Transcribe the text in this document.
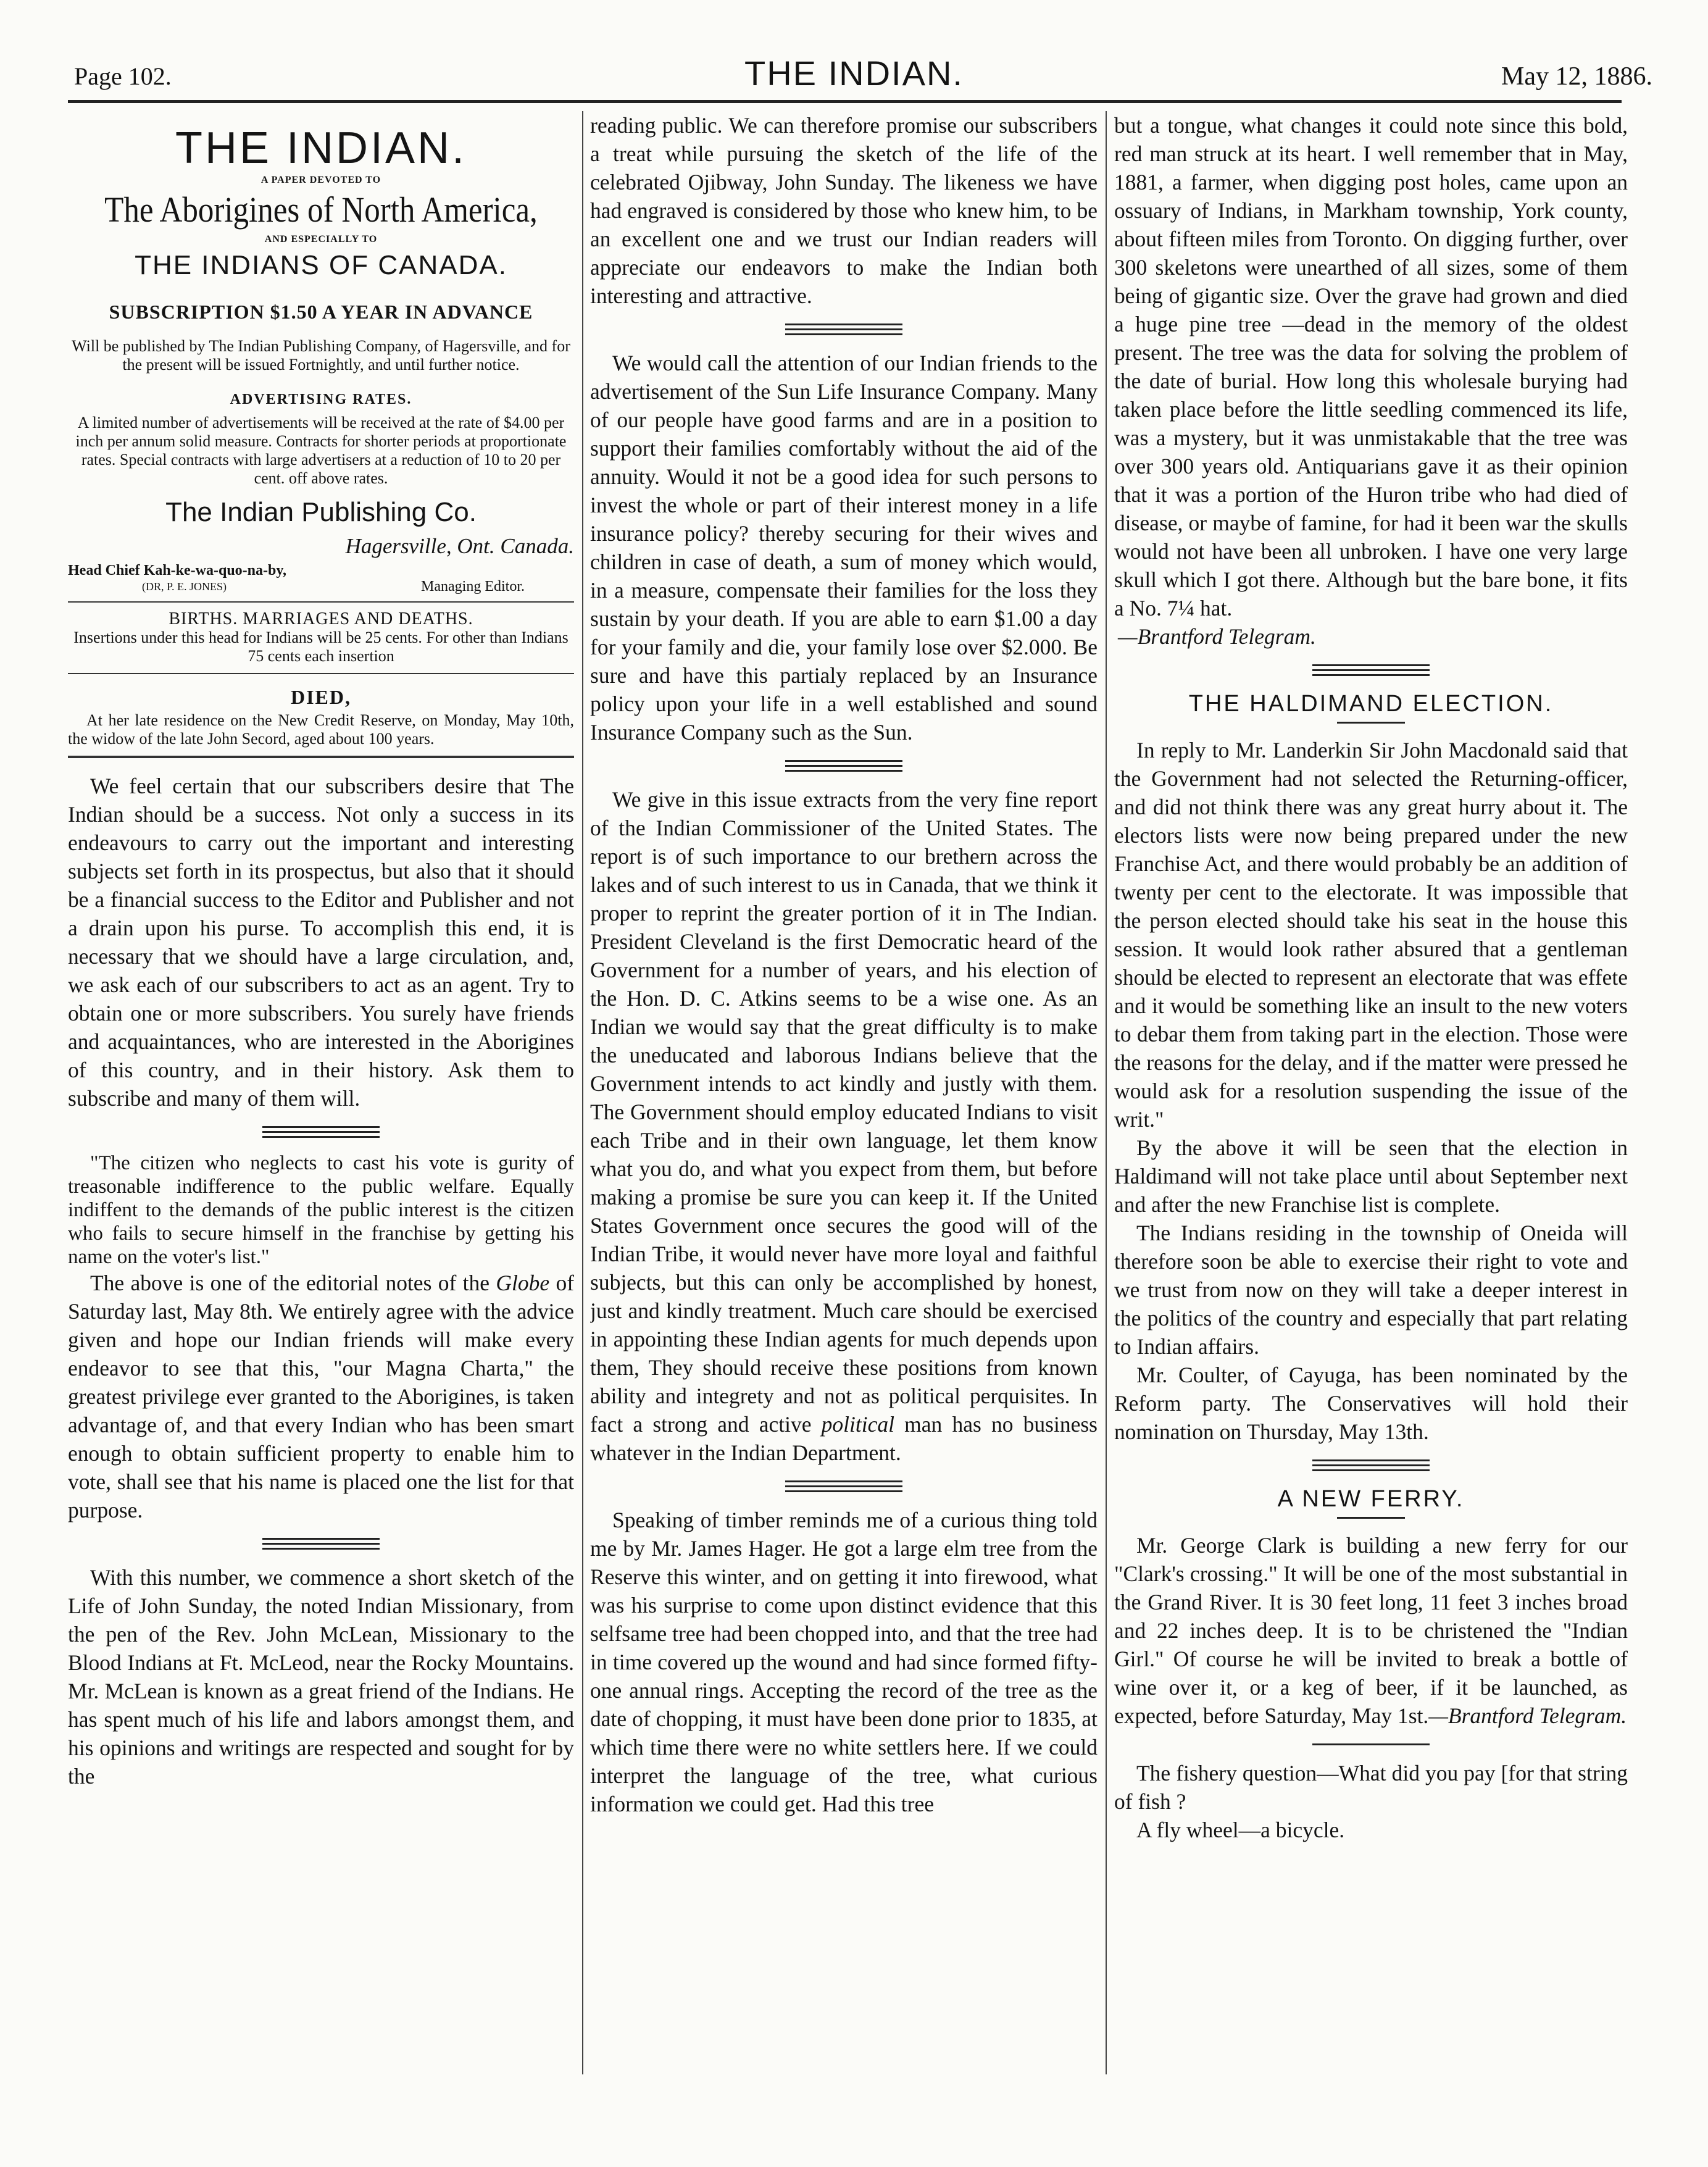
Page 102.	THE INDIAN.	May 12, 1886.
THE INDIAN.
A PAPER DEVOTED TO
The Aborigines of North America,
AND ESPECIALLY TO
THE INDIANS OF CANADA.
SUBSCRIPTION $1.50 A YEAR IN ADVANCE
Will be published by The Indian Publishing Company, of Hagersville, and for the present will be issued Fortnightly, and until further notice.
ADVERTISING RATES.
A limited number of advertisements will be received at the rate of $4.00 per inch per annum solid measure. Contracts for shorter periods at proportionate rates. Special contracts with large advertisers at a reduction of 10 to 20 per cent. off above rates.
The Indian Publishing Co.
Hagersville, Ont. Canada.
Head Chief Kah-ke-wa-quo-na-by,
(DR, P. E. JONES)	Managing Editor.
BIRTHS. MARRIAGES AND DEATHS.
Insertions under this head for Indians will be 25 cents. For other than Indians 75 cents each insertion
DIED,
At her late residence on the New Credit Reserve, on Monday, May 10th, the widow of the late John Secord, aged about 100 years.

We feel certain that our subscribers desire that The Indian should be a success. Not only a success in its endeavours to carry out the important and interesting subjects set forth in its prospectus, but also that it should be a financial success to the Editor and Publisher and not a drain upon his purse. To accomplish this end, it is necessary that we should have a large circulation, and, we ask each of our subscribers to act as an agent. Try to obtain one or more subscribers. You surely have friends and acquaintances, who are interested in the Aborigines of this country, and in their history. Ask them to subscribe and many of them will.

"The citizen who neglects to cast his vote is gurity of treasonable indifference to the public welfare. Equally indiffent to the demands of the public interest is the citizen who fails to secure himself in the franchise by getting his name on the voter's list."

The above is one of the editorial notes of the Globe of Saturday last, May 8th. We entirely agree with the advice given and hope our Indian friends will make every endeavor to see that this, "our Magna Charta," the greatest privilege ever granted to the Aborigines, is taken advantage of, and that every Indian who has been smart enough to obtain sufficient property to enable him to vote, shall see that his name is placed one the list for that purpose.

With this number, we commence a short sketch of the Life of John Sunday, the noted Indian Missionary, from the pen of the Rev. John McLean, Missionary to the Blood Indians at Ft. McLeod, near the Rocky Mountains. Mr. McLean is known as a great friend of the Indians. He has spent much of his life and labors amongst them, and his opinions and writings are respected and sought for by the

reading public. We can therefore promise our subscribers a treat while pursuing the sketch of the life of the celebrated Ojibway, John Sunday. The likeness we have had engraved is considered by those who knew him, to be an excellent one and we trust our Indian readers will appreciate our endeavors to make the Indian both interesting and attractive.

We would call the attention of our Indian friends to the advertisement of the Sun Life Insurance Company. Many of our people have good farms and are in a position to support their families comfortably without the aid of the annuity. Would it not be a good idea for such persons to invest the whole or part of their interest money in a life insurance policy? thereby securing for their wives and children in case of death, a sum of money which would, in a measure, compensate their families for the loss they sustain by your death. If you are able to earn $1.00 a day for your family and die, your family lose over $2.000. Be sure and have this partialy replaced by an Insurance policy upon your life in a well established and sound Insurance Company such as the Sun.

We give in this issue extracts from the very fine report of the Indian Commissioner of the United States. The report is of such importance to our brethern across the lakes and of such interest to us in Canada, that we think it proper to reprint the greater portion of it in The Indian. President Cleveland is the first Democratic heard of the Government for a number of years, and his election of the Hon. D. C. Atkins seems to be a wise one. As an Indian we would say that the great difficulty is to make the uneducated and laborous Indians believe that the Government intends to act kindly and justly with them. The Government should employ educated Indians to visit each Tribe and in their own language, let them know what you do, and what you expect from them, but before making a promise be sure you can keep it. If the United States Government once secures the good will of the Indian Tribe, it would never have more loyal and faithful subjects, but this can only be accomplished by honest, just and kindly treatment. Much care should be exercised in appointing these Indian agents for much depends upon them, They should receive these positions from known ability and integrety and not as political perquisites. In fact a strong and active political man has no business whatever in the Indian Department.

Speaking of timber reminds me of a curious thing told me by Mr. James Hager. He got a large elm tree from the Reserve this winter, and on getting it into firewood, what was his surprise to come upon distinct evidence that this selfsame tree had been chopped into, and that the tree had in time covered up the wound and had since formed fifty-one annual rings. Accepting the record of the tree as the date of chopping, it must have been done prior to 1835, at which time there were no white settlers here. If we could interpret the language of the tree, what curious information we could get. Had this tree

but a tongue, what changes it could note since this bold, red man struck at its heart. I well remember that in May, 1881, a farmer, when digging post holes, came upon an ossuary of Indians, in Markham township, York county, about fifteen miles from Toronto. On digging further, over 300 skeletons were unearthed of all sizes, some of them being of gigantic size. Over the grave had grown and died a huge pine tree —dead in the memory of the oldest present. The tree was the data for solving the problem of the date of burial. How long this wholesale burying had taken place before the little seedling commenced its life, was a mystery, but it was unmistakable that the tree was over 300 years old. Antiquarians gave it as their opinion that it was a portion of the Huron tribe who had died of disease, or maybe of famine, for had it been war the skulls would not have been all unbroken. I have one very large skull which I got there. Although but the bare bone, it fits a No. 7¼ hat.

—Brantford Telegram.
THE HALDIMAND ELECTION.

In reply to Mr. Landerkin Sir John Macdonald said that the Government had not selected the Returning-officer, and did not think there was any great hurry about it. The electors lists were now being prepared under the new Franchise Act, and there would probably be an addition of twenty per cent to the electorate. It was impossible that the person elected should take his seat in the house this session. It would look rather absured that a gentleman should be elected to represent an electorate that was effete and it would be something like an insult to the new voters to debar them from taking part in the election. Those were the reasons for the delay, and if the matter were pressed he would ask for a resolution suspending the issue of the writ."

By the above it will be seen that the election in Haldimand will not take place until about September next and after the new Franchise list is complete.

The Indians residing in the township of Oneida will therefore soon be able to exercise their right to vote and we trust from now on they will take a deeper interest in the politics of the country and especially that part relating to Indian affairs.

Mr. Coulter, of Cayuga, has been nominated by the Reform party. The Conservatives will hold their nomination on Thursday, May 13th.

A NEW FERRY.

Mr. George Clark is building a new ferry for our "Clark's crossing." It will be one of the most substantial in the Grand River. It is 30 feet long, 11 feet 3 inches broad and 22 inches deep. It is to be christened the "Indian Girl." Of course he will be invited to break a bottle of wine over it, or a keg of beer, if it be launched, as expected, before Saturday, May 1st.—Brantford Telegram.

The fishery question—What did you pay [for that string of fish ?

A fly wheel—a bicycle.
